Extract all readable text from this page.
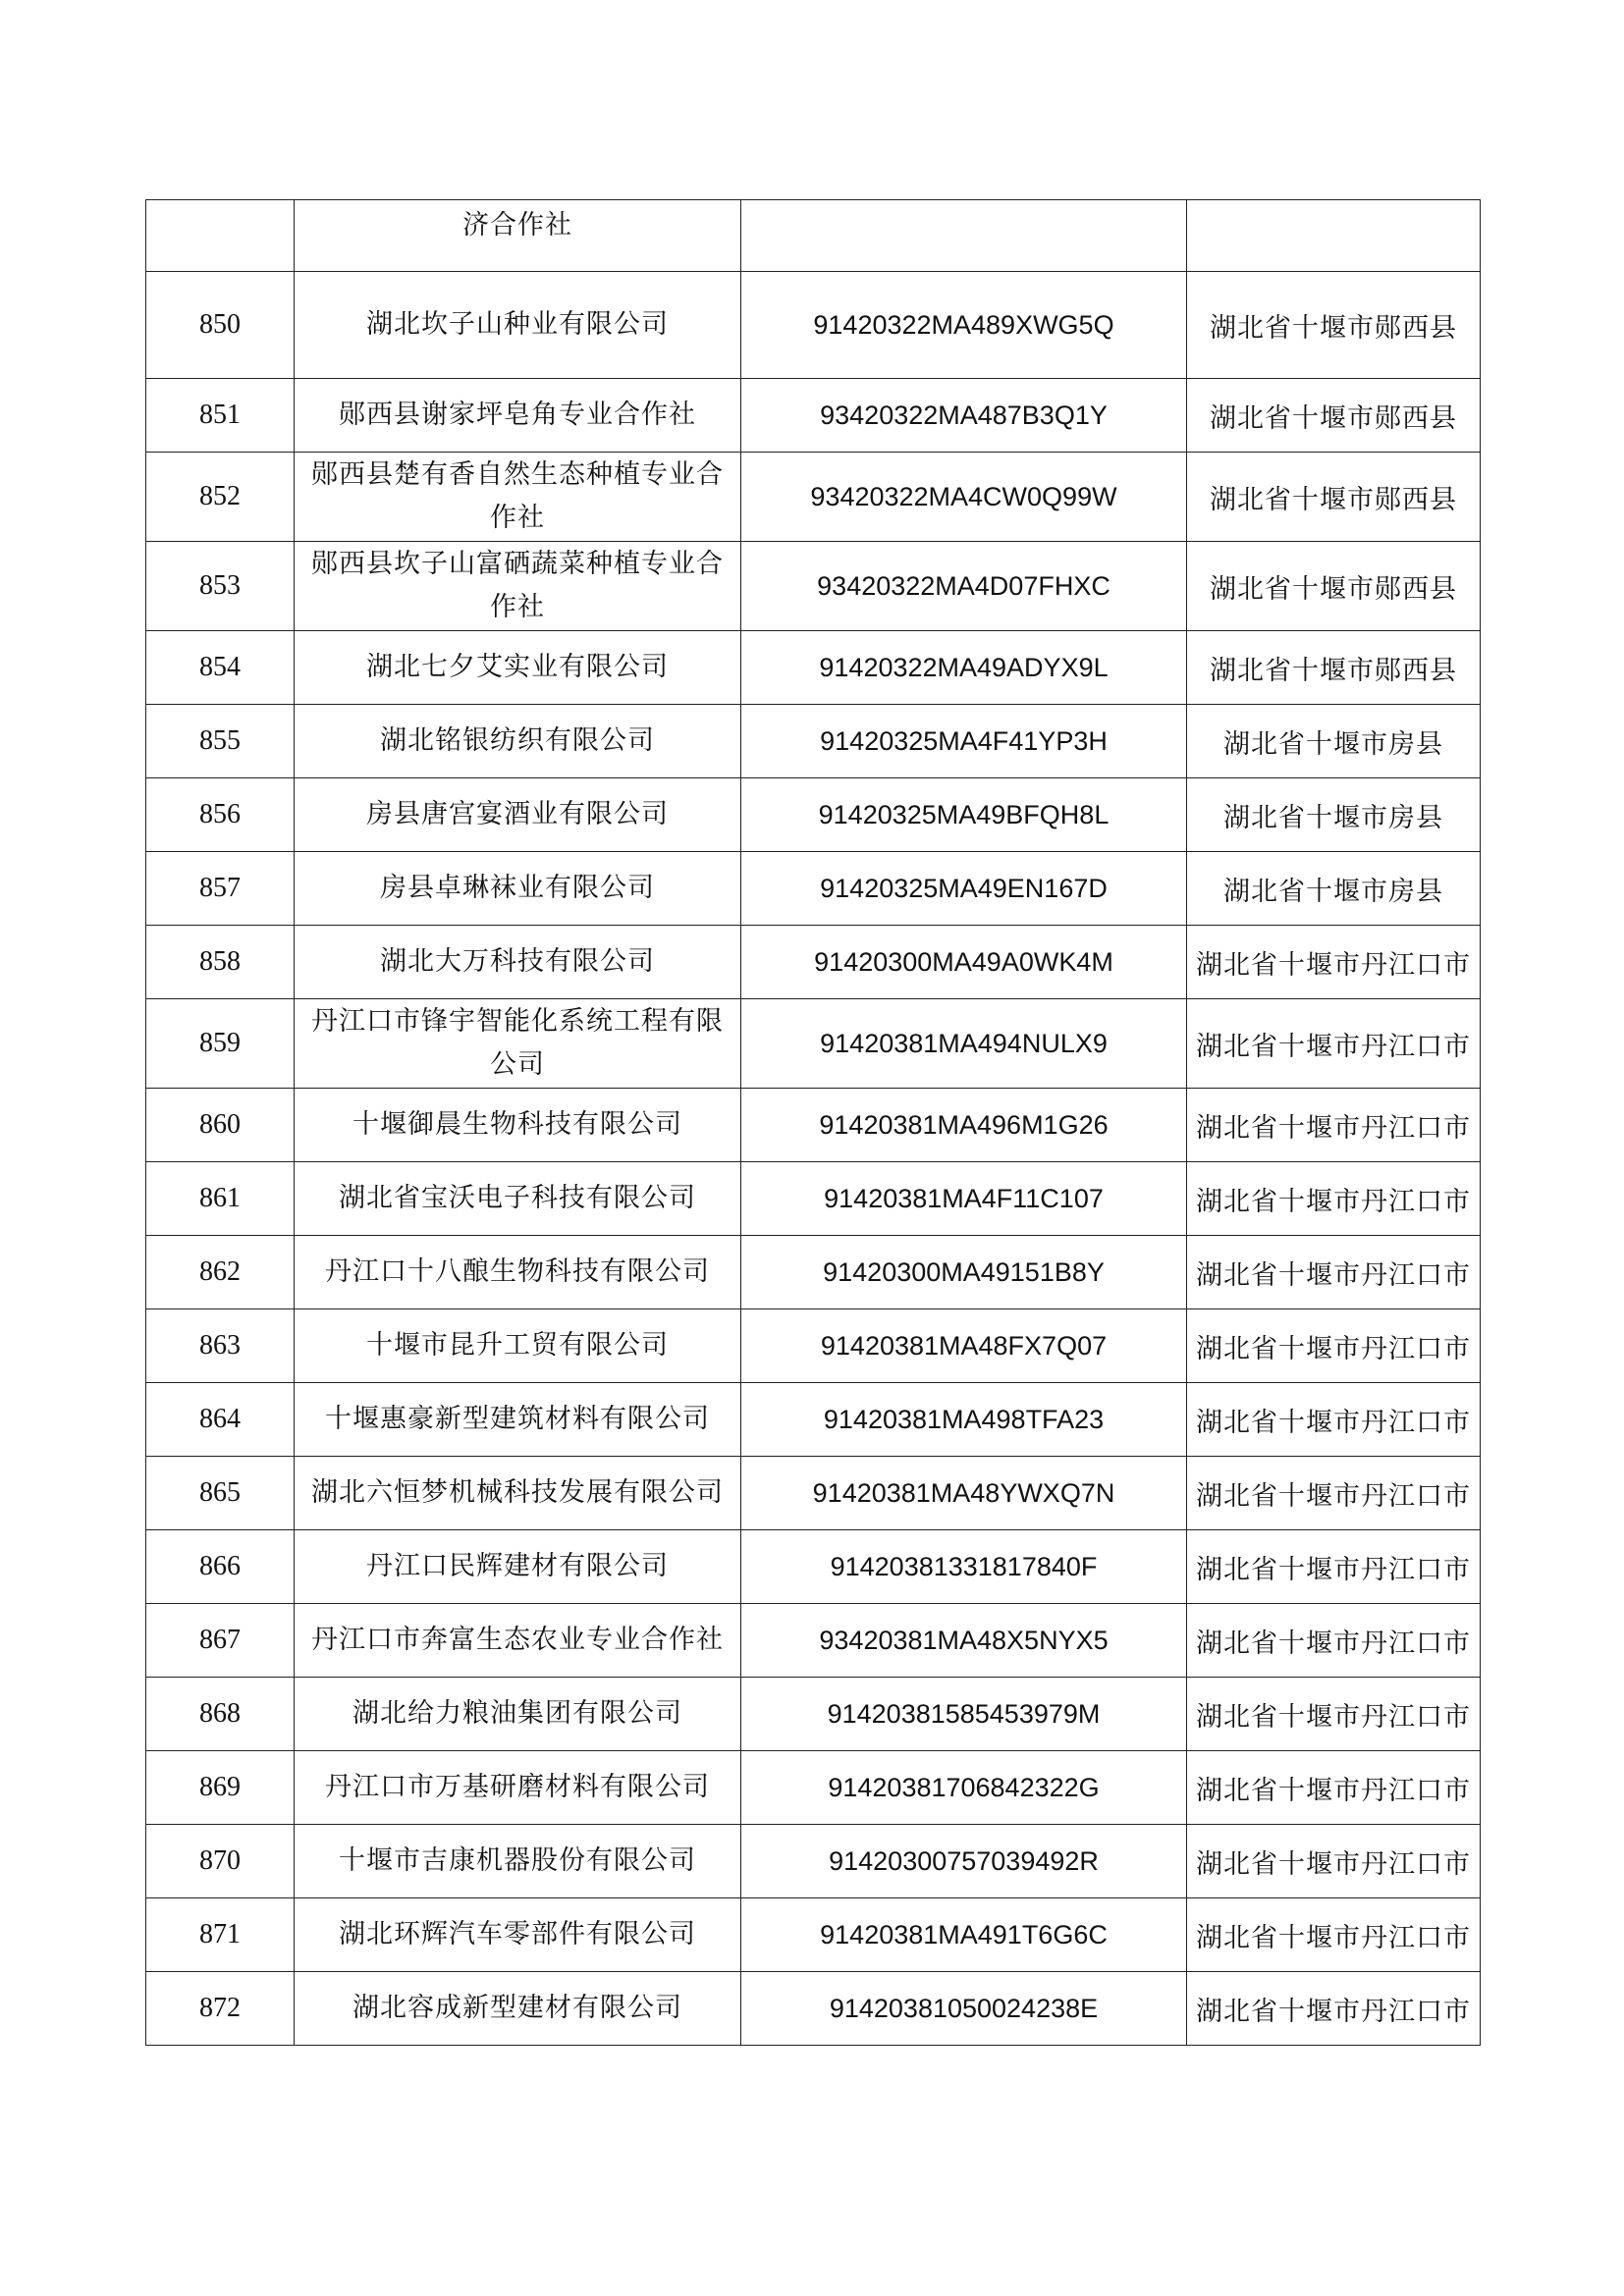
	济合作社		
850	湖北坎子山种业有限公司	91420322MA489XWG5Q	湖北省十堰市郧西县
851	郧西县谢家坪皂角专业合作社	93420322MA487B3Q1Y	湖北省十堰市郧西县
852	郧西县楚有香自然生态种植专业合作社	93420322MA4CW0Q99W	湖北省十堰市郧西县
853	郧西县坎子山富硒蔬菜种植专业合作社	93420322MA4D07FHXC	湖北省十堰市郧西县
854	湖北七夕艾实业有限公司	91420322MA49ADYX9L	湖北省十堰市郧西县
855	湖北铭银纺织有限公司	91420325MA4F41YP3H	湖北省十堰市房县
856	房县唐宫宴酒业有限公司	91420325MA49BFQH8L	湖北省十堰市房县
857	房县卓琳袜业有限公司	91420325MA49EN167D	湖北省十堰市房县
858	湖北大万科技有限公司	91420300MA49A0WK4M	湖北省十堰市丹江口市
859	丹江口市锋宇智能化系统工程有限公司	91420381MA494NULX9	湖北省十堰市丹江口市
860	十堰御晨生物科技有限公司	91420381MA496M1G26	湖北省十堰市丹江口市
861	湖北省宝沃电子科技有限公司	91420381MA4F11C107	湖北省十堰市丹江口市
862	丹江口十八酿生物科技有限公司	91420300MA49151B8Y	湖北省十堰市丹江口市
863	十堰市昆升工贸有限公司	91420381MA48FX7Q07	湖北省十堰市丹江口市
864	十堰惠豪新型建筑材料有限公司	91420381MA498TFA23	湖北省十堰市丹江口市
865	湖北六恒梦机械科技发展有限公司	91420381MA48YWXQ7N	湖北省十堰市丹江口市
866	丹江口民辉建材有限公司	91420381331817840F	湖北省十堰市丹江口市
867	丹江口市奔富生态农业专业合作社	93420381MA48X5NYX5	湖北省十堰市丹江口市
868	湖北给力粮油集团有限公司	91420381585453979M	湖北省十堰市丹江口市
869	丹江口市万基研磨材料有限公司	91420381706842322G	湖北省十堰市丹江口市
870	十堰市吉康机器股份有限公司	91420300757039492R	湖北省十堰市丹江口市
871	湖北环辉汽车零部件有限公司	91420381MA491T6G6C	湖北省十堰市丹江口市
872	湖北容成新型建材有限公司	91420381050024238E	湖北省十堰市丹江口市
